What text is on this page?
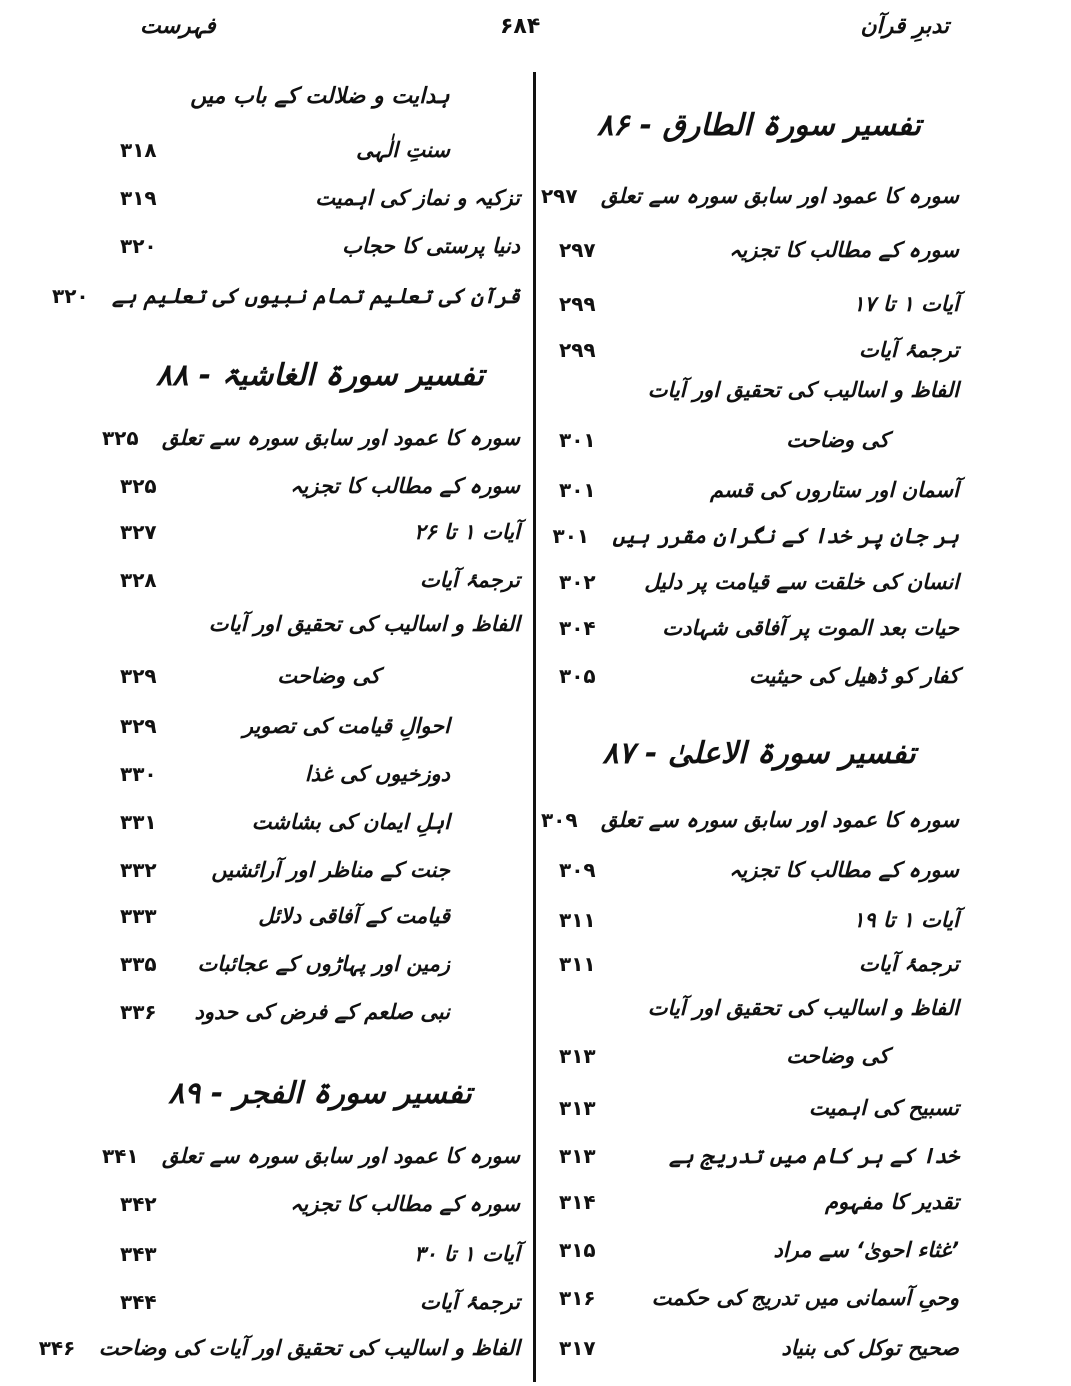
تدبرِ قرآن
۶۸۴
فہرست
تفسیر سورۃ الطارق - ۸۶
سورہ کا عمود اور سابق سورہ سے تعلق
۲۹۷
سورہ کے مطالب کا تجزیہ
۲۹۷
آیات ۱ تا ۱۷
۲۹۹
ترجمۂ آیات
۲۹۹
الفاظ و اسالیب کی تحقیق اور آیات
کی وضاحت
۳۰۱
آسمان اور ستاروں کی قسم
۳۰۱
ہر جان پر خدا کے نگران مقرر ہیں
۳۰۱
انسان کی خلقت سے قیامت پر دلیل
۳۰۲
حیات بعد الموت پر آفاقی شہادت
۳۰۴
کفار کو ڈھیل کی حیثیت
۳۰۵
تفسیر سورۃ الاعلیٰ - ۸۷
سورہ کا عمود اور سابق سورہ سے تعلق
۳۰۹
سورہ کے مطالب کا تجزیہ
۳۰۹
آیات ۱ تا ۱۹
۳۱۱
ترجمۂ آیات
۳۱۱
الفاظ و اسالیب کی تحقیق اور آیات
کی وضاحت
۳۱۳
تسبیح کی اہمیت
۳۱۳
خدا کے ہر کام میں تدریج ہے
۳۱۳
تقدیر کا مفہوم
۳۱۴
’غثاء احویٰ‘ سے مراد
۳۱۵
وحیِ آسمانی میں تدریج کی حکمت
۳۱۶
صحیح توکل کی بنیاد
۳۱۷
ہدایت و ضلالت کے باب میں
سنتِ الٰہی
۳۱۸
تزکیہ و نماز کی اہمیت
۳۱۹
دنیا پرستی کا حجاب
۳۲۰
قرآن کی تعلیم تمام نبیوں کی تعلیم ہے
۳۲۰
تفسیر سورۃ الغاشیۃ - ۸۸
سورہ کا عمود اور سابق سورہ سے تعلق
۳۲۵
سورہ کے مطالب کا تجزیہ
۳۲۵
آیات ۱ تا ۲۶
۳۲۷
ترجمۂ آیات
۳۲۸
الفاظ و اسالیب کی تحقیق اور آیات
کی وضاحت
۳۲۹
احوالِ قیامت کی تصویر
۳۲۹
دوزخیوں کی غذا
۳۳۰
اہلِ ایمان کی بشاشت
۳۳۱
جنت کے مناظر اور آرائشیں
۳۳۲
قیامت کے آفاقی دلائل
۳۳۳
زمین اور پہاڑوں کے عجائبات
۳۳۵
نبی صلعم کے فرض کی حدود
۳۳۶
تفسیر سورۃ الفجر - ۸۹
سورہ کا عمود اور سابق سورہ سے تعلق
۳۴۱
سورہ کے مطالب کا تجزیہ
۳۴۲
آیات ۱ تا ۳۰
۳۴۳
ترجمۂ آیات
۳۴۴
الفاظ و اسالیب کی تحقیق اور آیات کی وضاحت
۳۴۶
